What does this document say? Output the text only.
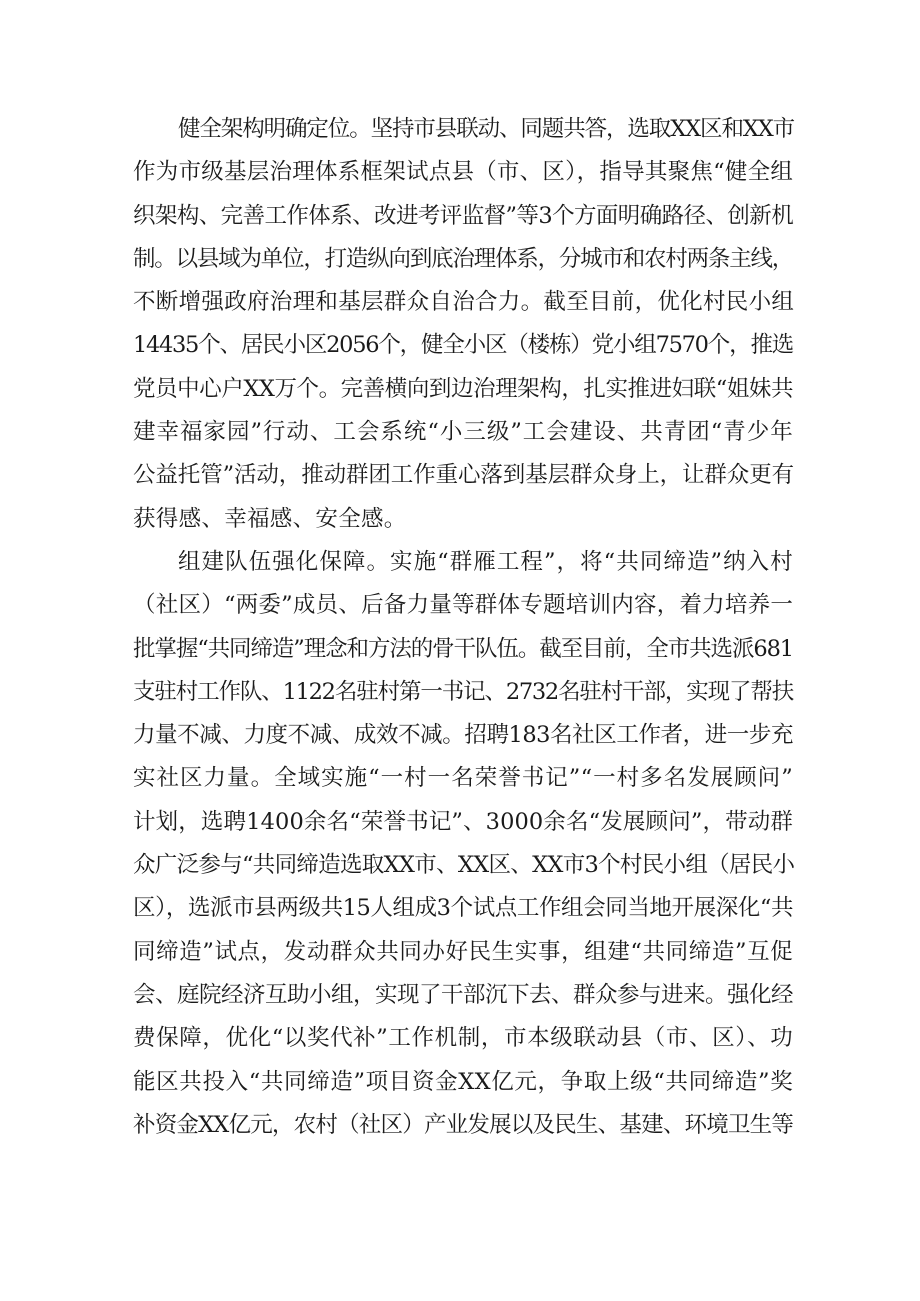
健全架构明确定位。坚持市县联动、同题共答，选取XX区和XX市
作为市级基层治理体系框架试点县（市、区），指导其聚焦“健全组
织架构、完善工作体系、改进考评监督”等3个方面明确路径、创新机
制。以县域为单位，打造纵向到底治理体系，分城市和农村两条主线，
不断增强政府治理和基层群众自治合力。截至目前，优化村民小组
14435个、居民小区2056个，健全小区（楼栋）党小组7570个，推选
党员中心户XX万个。完善横向到边治理架构，扎实推进妇联“姐妹共
建幸福家园”行动、工会系统“小三级”工会建设、共青团“青少年
公益托管”活动，推动群团工作重心落到基层群众身上，让群众更有
获得感、幸福感、安全感。
组建队伍强化保障。实施“群雁工程”，将“共同缔造”纳入村
（社区）“两委”成员、后备力量等群体专题培训内容，着力培养一
批掌握“共同缔造”理念和方法的骨干队伍。截至目前，全市共选派681
支驻村工作队、1122名驻村第一书记、2732名驻村干部，实现了帮扶
力量不减、力度不减、成效不减。招聘183名社区工作者，进一步充
实社区力量。全域实施“一村一名荣誉书记”“一村多名发展顾问”
计划，选聘1400余名“荣誉书记”、3000余名“发展顾问”，带动群
众广泛参与“共同缔造选取XX市、XX区、XX市3个村民小组（居民小
区），选派市县两级共15人组成3个试点工作组会同当地开展深化“共
同缔造”试点，发动群众共同办好民生实事，组建“共同缔造”互促
会、庭院经济互助小组，实现了干部沉下去、群众参与进来。强化经
费保障，优化“以奖代补”工作机制，市本级联动县（市、区）、功
能区共投入“共同缔造”项目资金XX亿元，争取上级“共同缔造”奖
补资金XX亿元，农村（社区）产业发展以及民生、基建、环境卫生等
